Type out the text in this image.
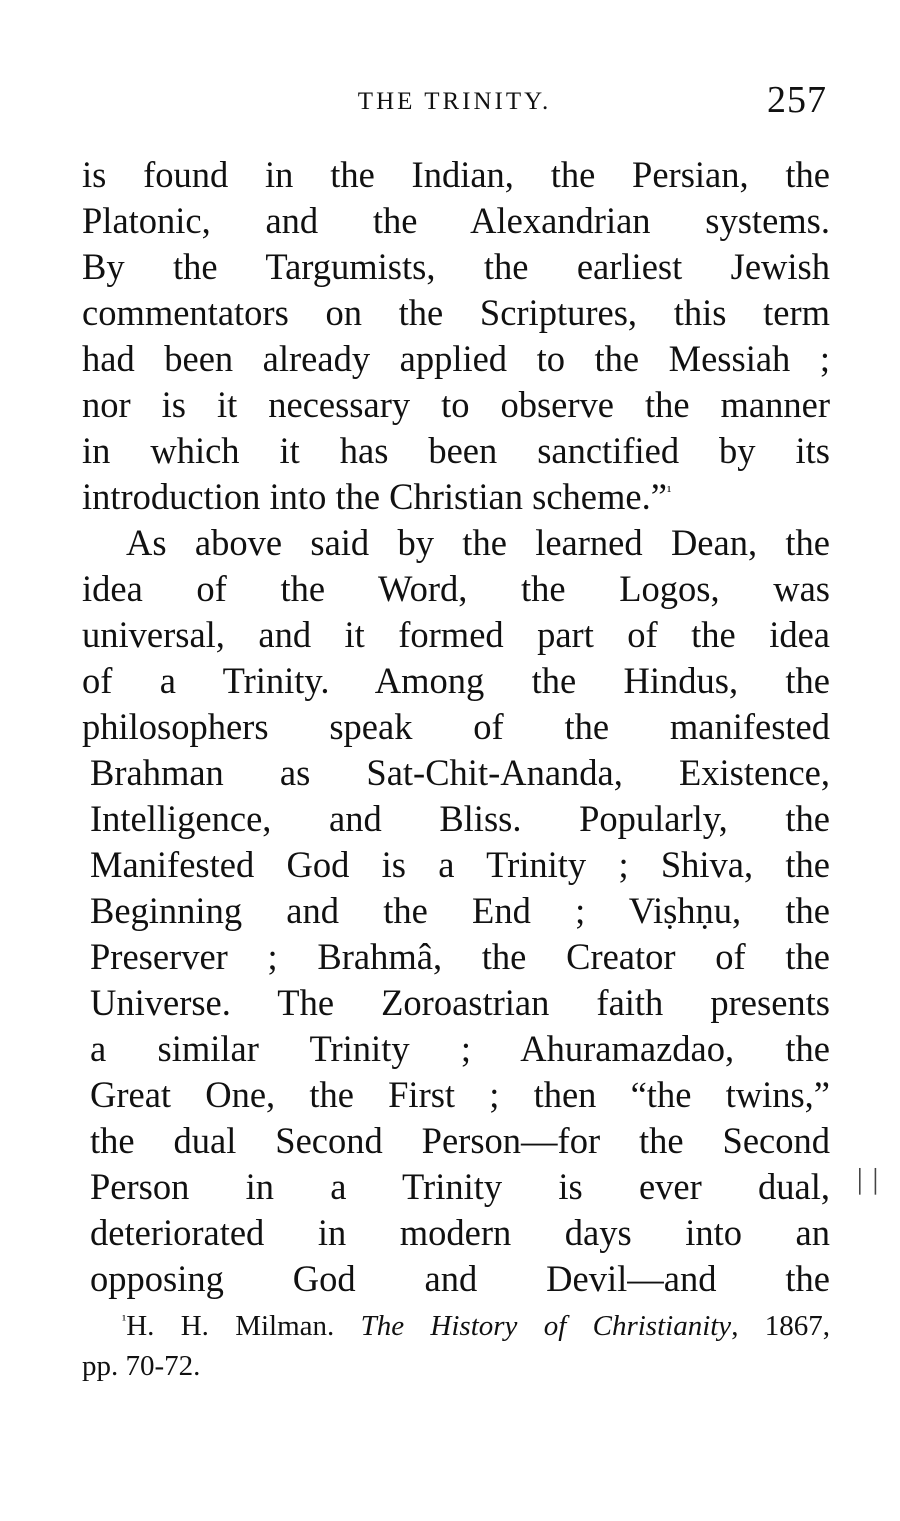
THE TRINITY.	257
is found in the Indian, the Persian, the
Platonic, and the Alexandrian systems.
By the Targumists, the earliest Jewish
commentators on the Scriptures, this term
had been already applied to the Messiah ;
nor is it necessary to observe the manner
in which it has been sanctified by its
introduction into the Christian scheme.”$^{^1}$
As above said by the learned Dean, the
idea of the Word, the Logos, was
universal, and it formed part of the idea
of a Trinity. Among the Hindus, the
philosophers speak of the manifested
Brahman as Sat-Chit-Ananda, Existence,
Intelligence, and Bliss. Popularly, the
Manifested God is a Trinity ; Shiva, the
Beginning and the End ; Viṣhṇu, the
Preserver ; Brahmâ, the Creator of the
Universe. The Zoroastrian faith presents
a similar Trinity ; Ahuramazdao, the
Great One, the First ; then “the twins,”
the dual Second Person—for the Second
Person in a Trinity is ever dual,
deteriorated in modern days into an
opposing God and Devil—and the
││
$^{^1}$H. H. Milman. The History of Christianity, 1867,
pp. 70-72.
